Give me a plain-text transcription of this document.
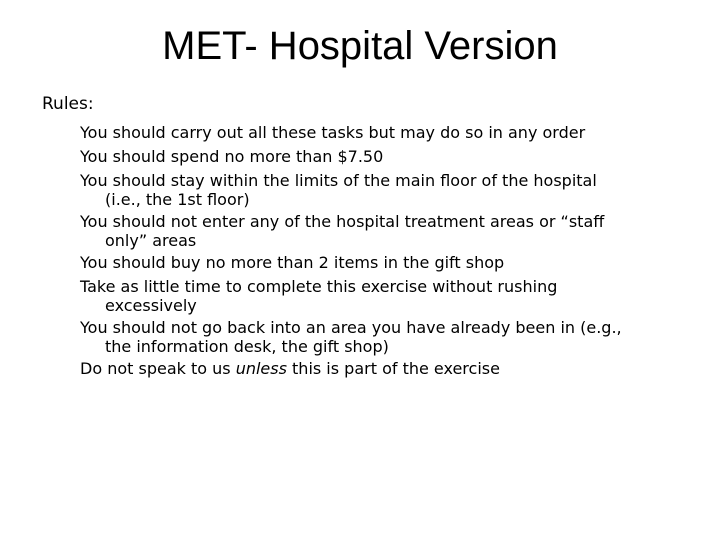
MET- Hospital Version

Rules:

You should carry out all these tasks but may do so in any order
You should spend no more than $7.50
You should stay within the limits of the main floor of the hospital
(i.e., the 1st floor)
You should not enter any of the hospital treatment areas or “staff
only” areas
You should buy no more than 2 items in the gift shop
Take as little time to complete this exercise without rushing
excessively
You should not go back into an area you have already been in (e.g.,
the information desk, the gift shop)
Do not speak to us unless this is part of the exercise
